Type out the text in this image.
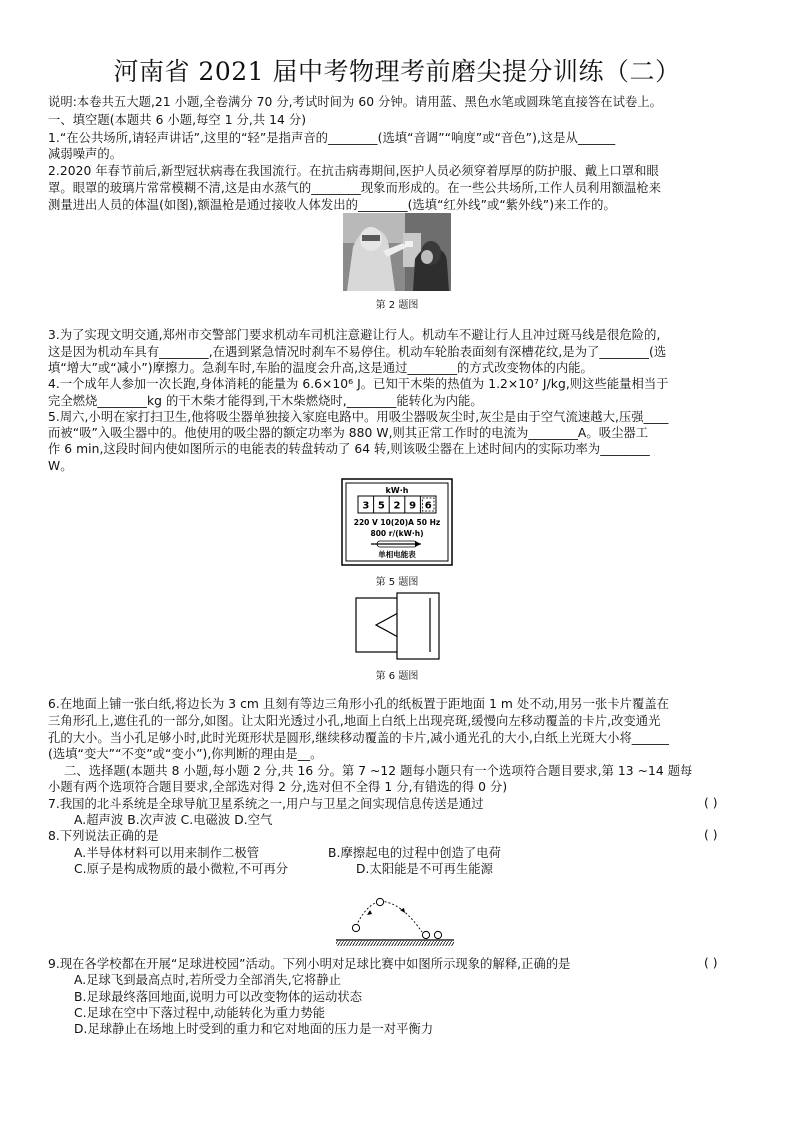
河南省 2021 届中考物理考前磨尖提分训练（二）
说明:本卷共五大题,21 小题,全卷满分 70 分,考试时间为 60 分钟。请用蓝、黑色水笔或圆珠笔直接答在试卷上。
一、填空题(本题共 6 小题,每空 1 分,共 14 分)
1.“在公共场所,请轻声讲话”,这里的“轻”是指声音的________(选填“音调”“响度”或“音色”),这是从______
减弱噪声的。
2.2020 年春节前后,新型冠状病毒在我国流行。在抗击病毒期间,医护人员必须穿着厚厚的防护服、戴上口罩和眼
罩。眼罩的玻璃片常常模糊不清,这是由水蒸气的________现象而形成的。在一些公共场所,工作人员利用额温枪来
测量进出人员的体温(如图),额温枪是通过接收人体发出的________(选填“红外线”或“紫外线”)来工作的。
第 2 题图
3.为了实现文明交通,郑州市交警部门要求机动车司机注意避让行人。机动车不避让行人且冲过斑马线是很危险的,
这是因为机动车具有________,在遇到紧急情况时刹车不易停住。机动车轮胎表面刻有深槽花纹,是为了________(选
填“增大”或“减小”)摩擦力。急刹车时,车胎的温度会升高,这是通过________的方式改变物体的内能。
4.一个成年人参加一次长跑,身体消耗的能量为 6.6×10⁶ J。已知干木柴的热值为 1.2×10⁷ J/kg,则这些能量相当于
完全燃烧________kg 的干木柴才能得到,干木柴燃烧时,________能转化为内能。
5.周六,小明在家打扫卫生,他将吸尘器单独接入家庭电路中。用吸尘器吸灰尘时,灰尘是由于空气流速越大,压强____
而被“吸”入吸尘器中的。他使用的吸尘器的额定功率为 880 W,则其正常工作时的电流为________A。吸尘器工
作 6 min,这段时间内使如图所示的电能表的转盘转动了 64 转,则该吸尘器在上述时间内的实际功率为________
W。
kW·h
3 5 2 9 6
220 V 10(20)A 50 Hz
800 r/(kW·h)
单相电能表
第 5 题图
第 6 题图
6.在地面上铺一张白纸,将边长为 3 cm 且刻有等边三角形小孔的纸板置于距地面 1 m 处不动,用另一张卡片覆盖在
三角形孔上,遮住孔的一部分,如图。让太阳光透过小孔,地面上白纸上出现亮斑,缓慢向左移动覆盖的卡片,改变通光
孔的大小。当小孔足够小时,此时光斑形状是圆形,继续移动覆盖的卡片,减小通光孔的大小,白纸上光斑大小将______
(选填“变大”“不变”或“变小”),你判断的理由是__。
二、选择题(本题共 8 小题,每小题 2 分,共 16 分。第 7 ~12 题每小题只有一个选项符合题目要求,第 13 ~14 题每
小题有两个选项符合题目要求,全部选对得 2 分,选对但不全得 1 分,有错选的得 0 分)
7.我国的北斗系统是全球导航卫星系统之一,用户与卫星之间实现信息传送是通过	( )
A.超声波 B.次声波 C.电磁波 D.空气
8.下列说法正确的是	( )
A.半导体材料可以用来制作二极管	B.摩擦起电的过程中创造了电荷
C.原子是构成物质的最小微粒,不可再分	D.太阳能是不可再生能源
9.现在各学校都在开展“足球进校园”活动。下列小明对足球比赛中如图所示现象的解释,正确的是	( )
A.足球飞到最高点时,若所受力全部消失,它将静止
B.足球最终落回地面,说明力可以改变物体的运动状态
C.足球在空中下落过程中,动能转化为重力势能
D.足球静止在场地上时受到的重力和它对地面的压力是一对平衡力
